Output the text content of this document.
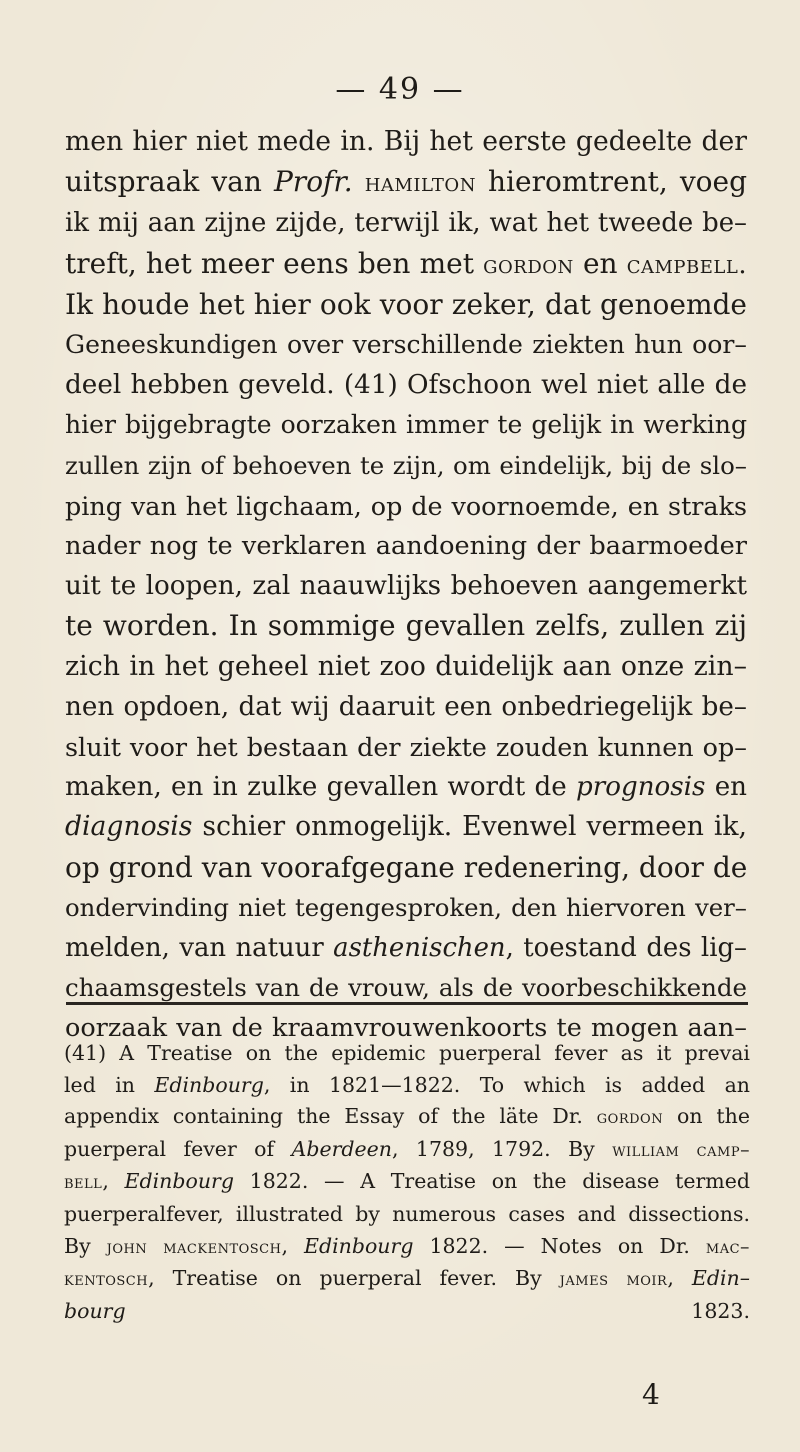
— 49 —
men hier niet mede in. Bij het eerste gedeelte der
uitspraak van Profr. hamilton hieromtrent, voeg
ik mij aan zijne zijde, terwijl ik, wat het tweede be–
treft, het meer eens ben met gordon en campbell.
Ik houde het hier ook voor zeker, dat genoemde
Geneeskundigen over verschillende ziekten hun oor–
deel hebben geveld. (41) Ofschoon wel niet alle de
hier bijgebragte oorzaken immer te gelijk in werking
zullen zijn of behoeven te zijn, om eindelijk, bij de slo–
ping van het ligchaam, op de voornoemde, en straks
nader nog te verklaren aandoening der baarmoeder
uit te loopen, zal naauwlijks behoeven aangemerkt
te worden. In sommige gevallen zelfs, zullen zij
zich in het geheel niet zoo duidelijk aan onze zin–
nen opdoen, dat wij daaruit een onbedriegelijk be–
sluit voor het bestaan der ziekte zouden kunnen op–
maken, en in zulke gevallen wordt de prognosis en
diagnosis schier onmogelijk. Evenwel vermeen ik,
op grond van voorafgegane redenering, door de
ondervinding niet tegengesproken, den hiervoren ver–
melden, van natuur asthenischen, toestand des lig–
chaamsgestels van de vrouw, als de voorbeschikkende
oorzaak van de kraamvrouwenkoorts te mogen aan–
(41) A Treatise on the epidemic puerperal fever as it prevai
led in Edinbourg, in 1821—1822. To which is added an
appendix containing the Essay of the läte Dr. gordon on the
puerperal fever of Aberdeen, 1789, 1792. By william camp–
bell, Edinbourg 1822. — A Treatise on the disease termed
puerperalfever, illustrated by numerous cases and dissections.
By john mackentosch, Edinbourg 1822. — Notes on Dr. mac–
kentosch, Treatise on puerperal fever. By james moir, Edin–
bourg 1823.
4
